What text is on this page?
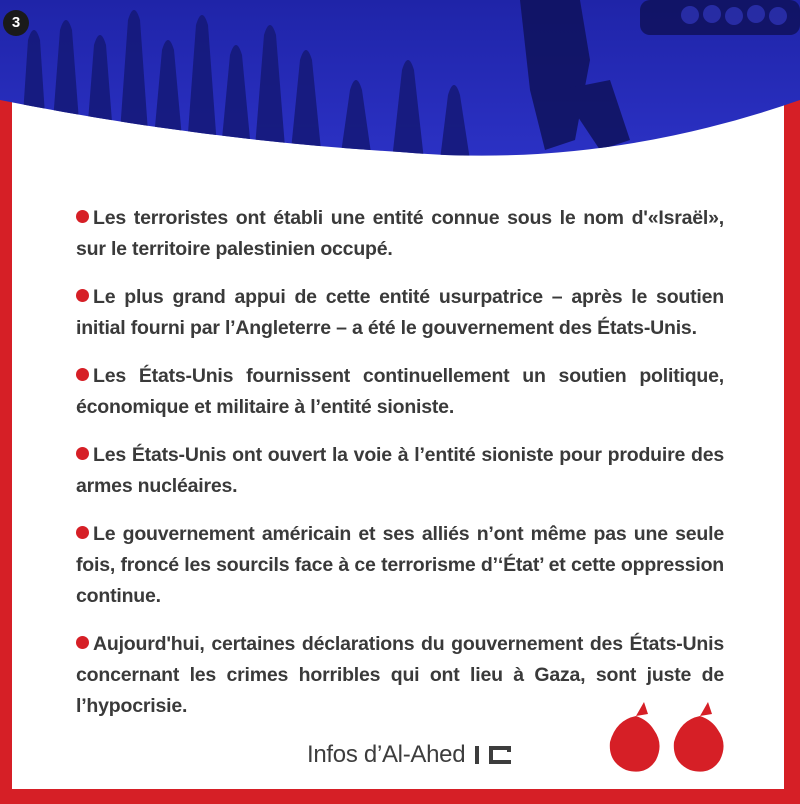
3

Les terroristes ont établi une entité connue sous le nom d'«Israël», sur le territoire palestinien occupé.

Le plus grand appui de cette entité usurpatrice – après le soutien initial fourni par l’Angleterre – a été le gouvernement des États-Unis.

Les États-Unis fournissent continuellement un soutien politique, économique et militaire à l’entité sioniste.

Les États-Unis ont ouvert la voie à l’entité sioniste pour produire des armes nucléaires.

Le gouvernement américain et ses alliés n’ont même pas une seule fois, froncé les sourcils face à ce terrorisme d’‘État’ et cette oppression continue.

Aujourd'hui, certaines déclarations du gouvernement des États-Unis concernant les crimes horribles qui ont lieu à Gaza, sont juste de l’hypocrisie.

Infos d’Al-Ahed
